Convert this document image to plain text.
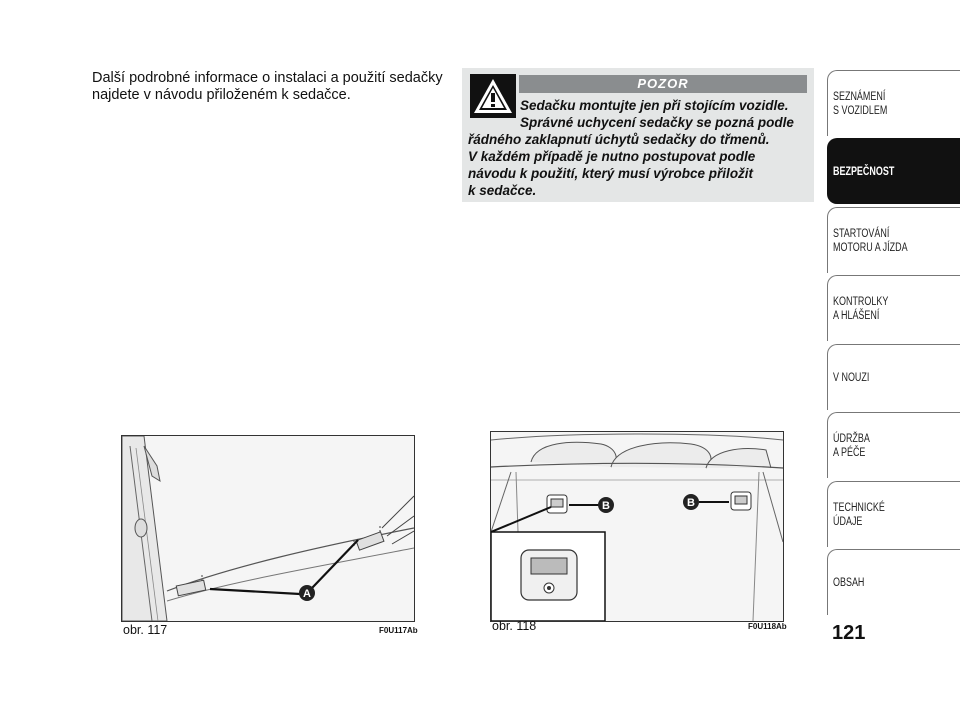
Další podrobné informace o instalaci a použití sedačky najdete v návodu přiloženém k sedačce.
POZOR
Sedačku montujte jen při stojícím vozidle.
Správné uchycení sedačky se pozná podle
řádného zaklapnutí úchytů sedačky do třmenů.
V každém případě je nutno postupovat podle
návodu k použití, který musí výrobce přiložit
k sedačce.
A
obr. 117	F0U117Ab
B	B
obr. 118	F0U118Ab
SEZNÁMENÍ
S VOZIDLEM
BEZPEČNOST
STARTOVÁNÍ
MOTORU A JÍZDA
KONTROLKY
A HLÁŠENÍ
V NOUZI
ÚDRŽBA
A PÉČE
TECHNICKÉ
ÚDAJE
OBSAH
121
